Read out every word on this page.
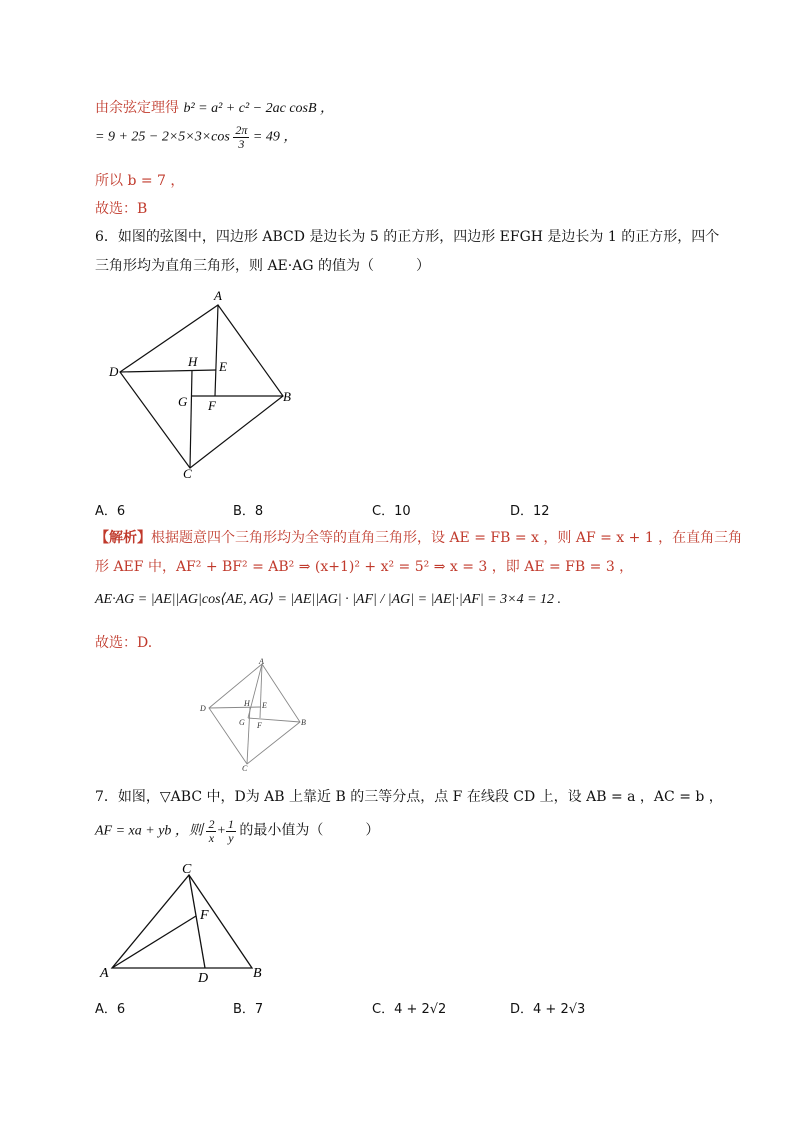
由余弦定理得 b² = a² + c² − 2ac cosB ，
= $9 + 25 - 2\times 5\times 3\times\cos \frac{2\pi}{3} = 49$ ，
所以 b = 7 ，
故选：B
6．如图的弦图中，四边形 ABCD 是边长为 5 的正方形，四边形 EFGH 是边长为 1 的正方形，四个
三角形均为直角三角形，则 AE·AG 的值为（　　　）
A
B
C
D	E
F
G
H
A．6	B．8	C．10	D．12
【解析】根据题意四个三角形均为全等的直角三角形，设 AE = FB = x ，则 AF = x + 1 ，在直角三角
形 AEF 中，AF² + BF² = AB² ⇒ (x+1)² + x² = 5² ⇒ x = 3 ，即 AE = FB = 3 ，
AE·AG = |AE||AG|cos⟨AE, AG⟩ = |AE||AG| · |AF| / |AG| = |AE|·|AF| = 3×4 = 12 .
故选：D.
A
B
C
D	E
F
G
H
7．如图，▽ABC 中，D为 AB 上靠近 B 的三等分点，点 F 在线段 CD 上，设 AB = a ，AC = b ，
AF = xa + yb ，则 $\frac{2}{x} + \frac{1}{y}$ 的最小值为（　　　）
A	B
C
D
F
A．6	B．7	C．4 + 2√2	D．4 + 2√3
